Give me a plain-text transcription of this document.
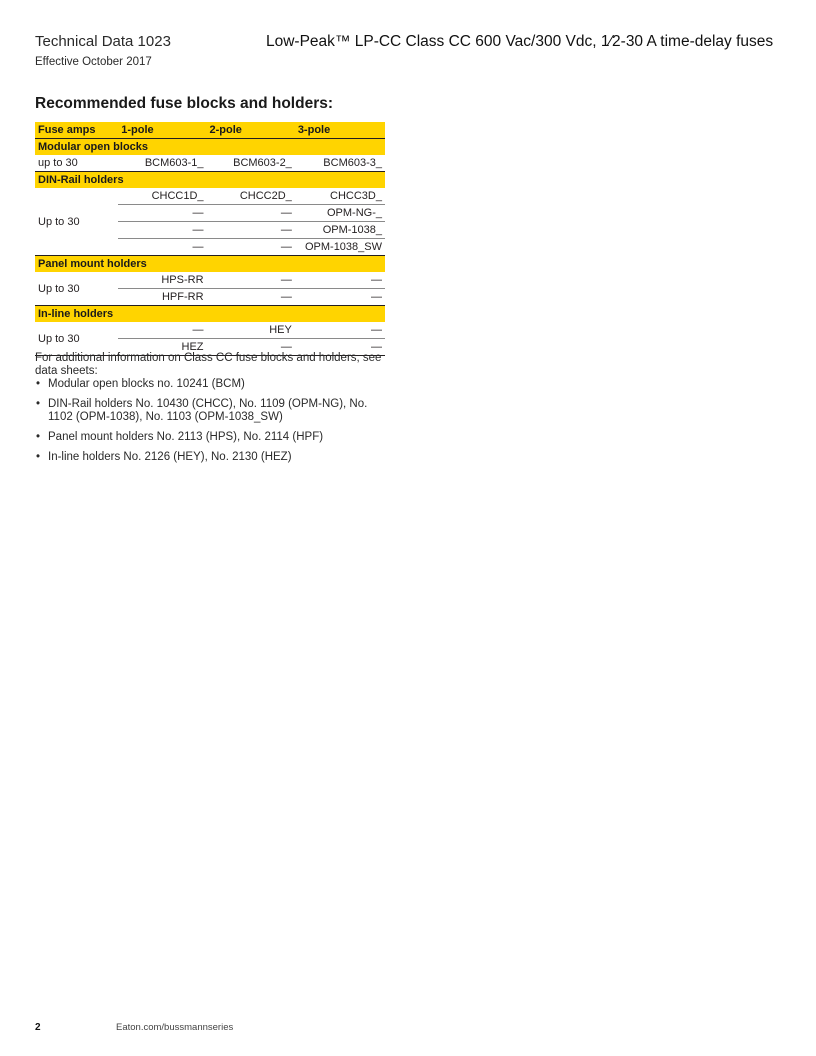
Technical Data 1023
Effective October 2017
Low-Peak™ LP-CC Class CC 600 Vac/300 Vdc, 1⁄2-30 A time-delay fuses
Recommended fuse blocks and holders:
Fuse amps	1-pole	2-pole	3-pole
Modular open blocks			
up to 30	BCM603-1_	BCM603-2_	BCM603-3_
DIN-Rail holders			
Up to 30	CHCC1D_	CHCC2D_	CHCC3D_
	—	—	OPM-NG-_
	—	—	OPM-1038_
	—	—	OPM-1038_SW
Panel mount holders			
Up to 30	HPS-RR	—	—
	HPF-RR	—	—
In-line holders			
Up to 30	—	HEY	—
	HEZ	—	—

For additional information on Class CC fuse blocks and holders, see data sheets:

• Modular open blocks no. 10241 (BCM)
• DIN-Rail holders No. 10430 (CHCC), No. 1109 (OPM-NG), No. 1102 (OPM-1038), No. 1103 (OPM-1038_SW)
• Panel mount holders No. 2113 (HPS), No. 2114 (HPF)
• In-line holders No. 2126 (HEY), No. 2130 (HEZ)
2	Eaton.com/bussmannseries
